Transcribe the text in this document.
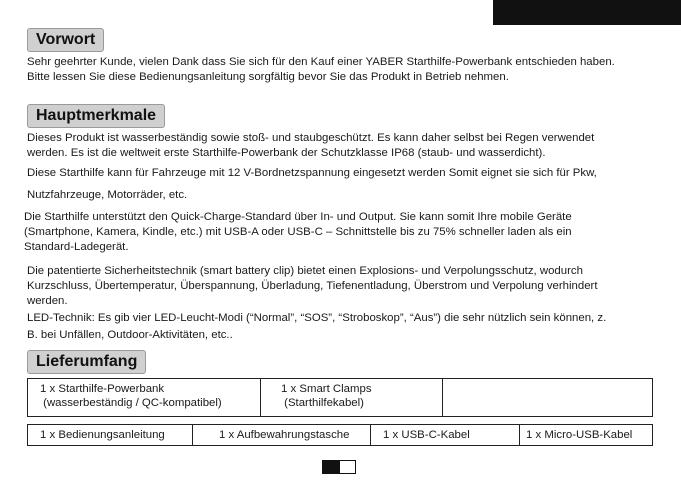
Vorwort
Sehr geehrter Kunde, vielen Dank dass Sie sich für den Kauf einer YABER Starthilfe-Powerbank entschieden haben.
Bitte lessen Sie diese Bedienungsanleitung sorgfältig bevor Sie das Produkt in Betrieb nehmen.
Hauptmerkmale
Dieses Produkt ist wasserbeständig sowie stoß- und staubgeschützt. Es kann daher selbst bei Regen verwendet
werden. Es ist die weltweit erste Starthilfe-Powerbank der Schutzklasse IP68 (staub- und wasserdicht).
Diese Starthilfe kann für Fahrzeuge mit 12 V-Bordnetzspannung eingesetzt werden Somit eignet sie sich für Pkw,
Nutzfahrzeuge, Motorräder, etc.
Die Starthilfe unterstützt den Quick-Charge-Standard über In- und Output. Sie kann somit Ihre mobile Geräte
(Smartphone, Kamera, Kindle, etc.) mit USB-A oder USB-C – Schnittstelle bis zu 75% schneller laden als ein
Standard-Ladegerät.
Die patentierte Sicherheitstechnik (smart battery clip) bietet einen Explosions- und Verpolungsschutz, wodurch
Kurzschluss, Übertemperatur, Überspannung, Überladung, Tiefenentladung, Überstrom und Verpolung verhindert
werden.
LED-Technik: Es gib vier LED-Leucht-Modi (“Normal”, “SOS”, “Stroboskop”, “Aus”) die sehr nützlich sein können, z.
B. bei Unfällen, Outdoor-Aktivitäten, etc..
Lieferumfang
1 x Starthilfe-Powerbank
(wasserbeständig / QC-kompatibel)
1 x Smart Clamps
(Starthilfekabel)
1 x Bedienungsanleitung	1 x Aufbewahrungstasche	1 x USB-C-Kabel	1 x Micro-USB-Kabel
